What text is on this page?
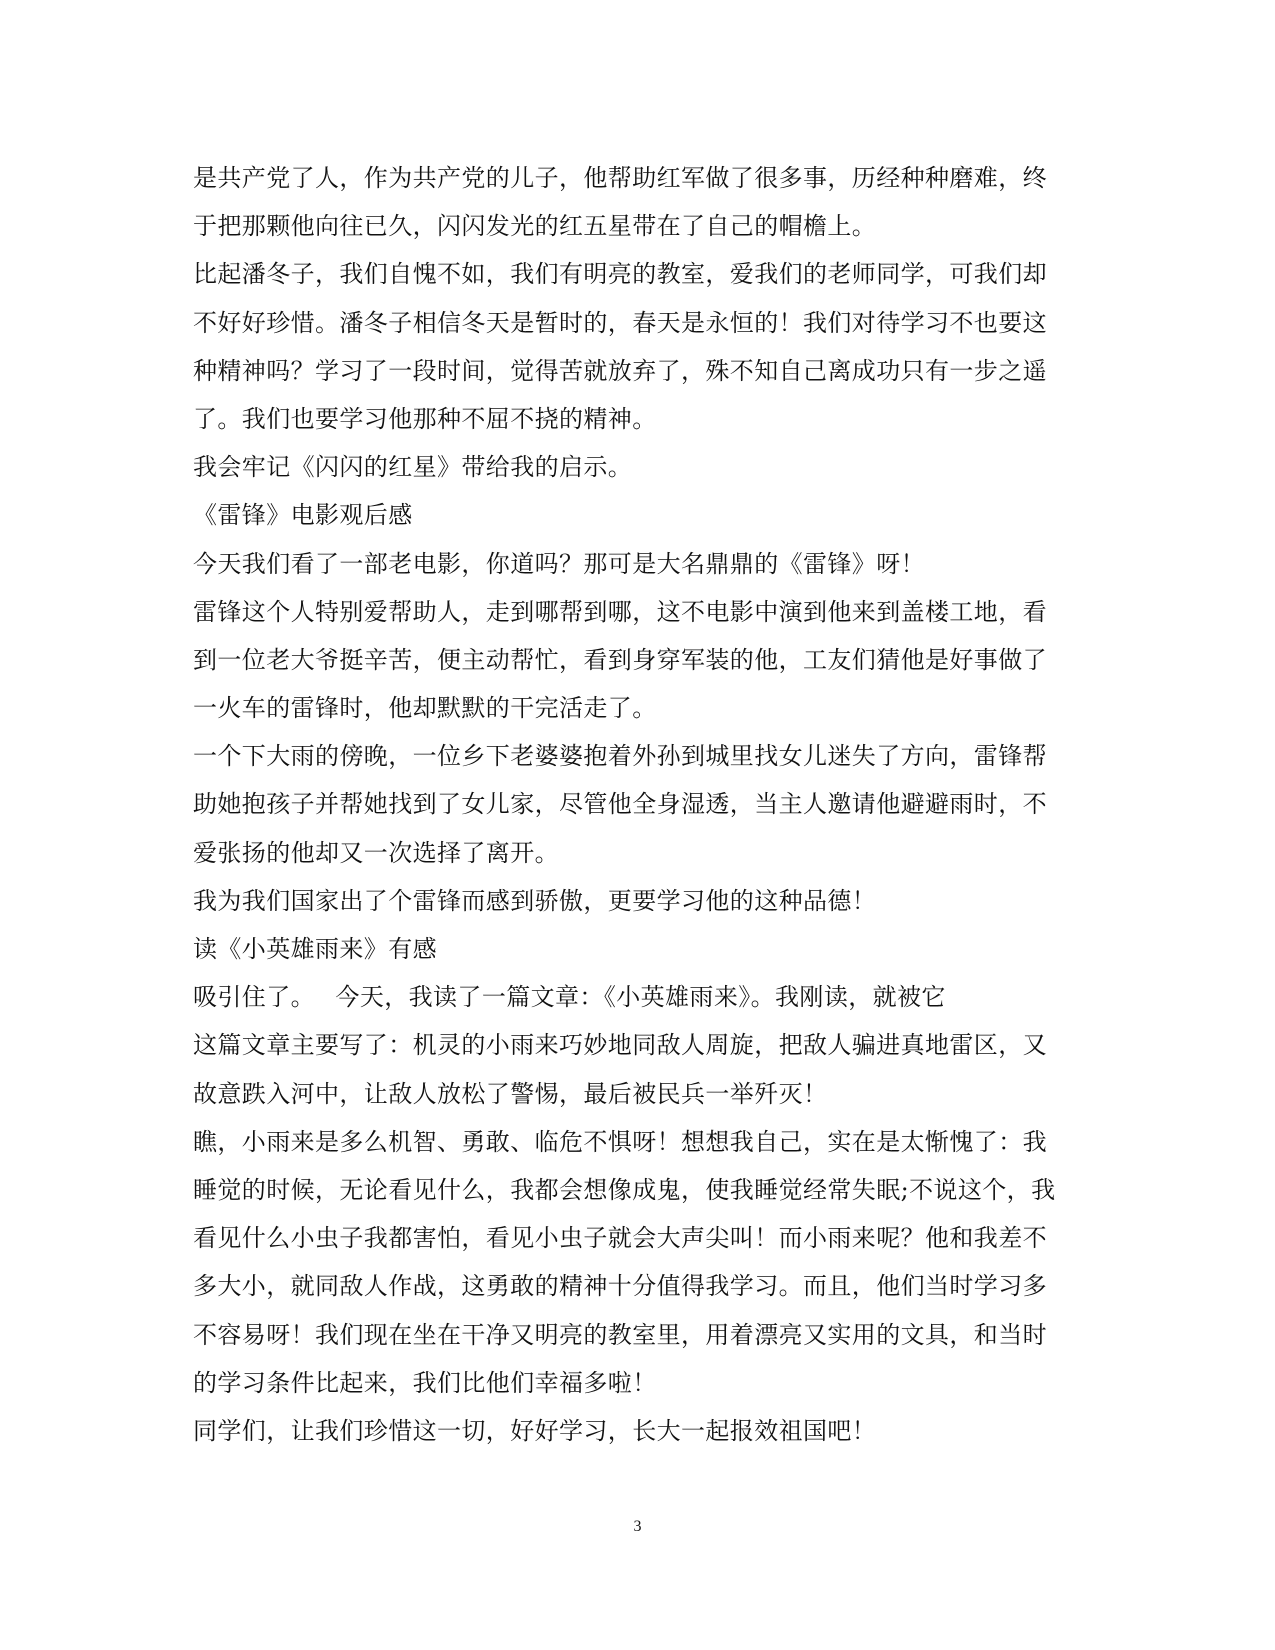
是共产党了人，作为共产党的儿子，他帮助红军做了很多事，历经种种磨难，终
于把那颗他向往已久，闪闪发光的红五星带在了自己的帽檐上。
比起潘冬子，我们自愧不如，我们有明亮的教室，爱我们的老师同学，可我们却
不好好珍惜。潘冬子相信冬天是暂时的，春天是永恒的！我们对待学习不也要这
种精神吗？学习了一段时间，觉得苦就放弃了，殊不知自己离成功只有一步之遥
了。我们也要学习他那种不屈不挠的精神。
我会牢记《闪闪的红星》带给我的启示。
《雷锋》电影观后感
今天我们看了一部老电影，你道吗？那可是大名鼎鼎的《雷锋》呀！
雷锋这个人特别爱帮助人，走到哪帮到哪，这不电影中演到他来到盖楼工地，看
到一位老大爷挺辛苦，便主动帮忙，看到身穿军装的他，工友们猜他是好事做了
一火车的雷锋时，他却默默的干完活走了。
一个下大雨的傍晚，一位乡下老婆婆抱着外孙到城里找女儿迷失了方向，雷锋帮
助她抱孩子并帮她找到了女儿家，尽管他全身湿透，当主人邀请他避避雨时，不
爱张扬的他却又一次选择了离开。
我为我们国家出了个雷锋而感到骄傲，更要学习他的这种品德！
读《小英雄雨来》有感
吸引住了。　 今天，我读了一篇文章：《小英雄雨来》。我刚读，就被它
这篇文章主要写了：机灵的小雨来巧妙地同敌人周旋，把敌人骗进真地雷区，又
故意跌入河中，让敌人放松了警惕，最后被民兵一举歼灭！
瞧，小雨来是多么机智、勇敢、临危不惧呀！想想我自己，实在是太惭愧了：我
睡觉的时候，无论看见什么，我都会想像成鬼，使我睡觉经常失眠;不说这个，我
看见什么小虫子我都害怕，看见小虫子就会大声尖叫！而小雨来呢？他和我差不
多大小，就同敌人作战，这勇敢的精神十分值得我学习。而且，他们当时学习多
不容易呀！我们现在坐在干净又明亮的教室里，用着漂亮又实用的文具，和当时
的学习条件比起来，我们比他们幸福多啦！
同学们，让我们珍惜这一切，好好学习，长大一起报效祖国吧！
3
